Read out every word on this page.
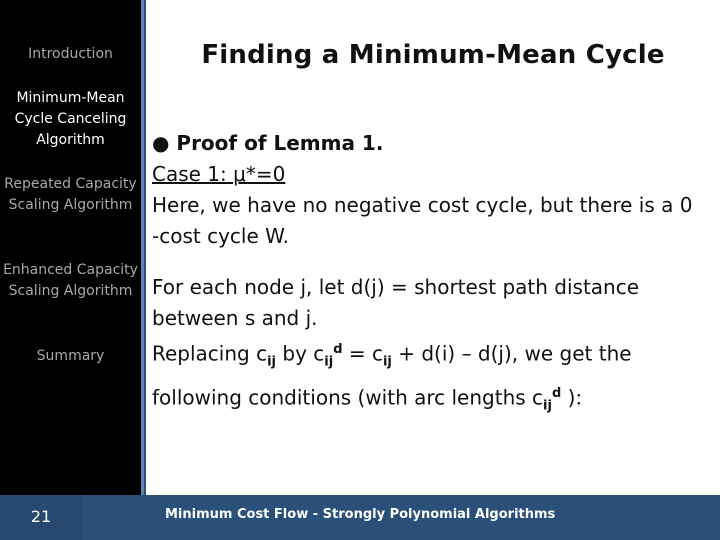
Introduction
Minimum-Mean Cycle Canceling Algorithm
Repeated Capacity Scaling Algorithm
Enhanced Capacity Scaling Algorithm
Summary
Finding a Minimum-Mean Cycle

● Proof of Lemma 1.

Case 1: μ*=0

Here, we have no negative cost cycle, but there is a 0

-cost cycle W.

For each node j, let d(j) = shortest path distance

between s and j.

Replacing $c_{ij}$ by $c_{ij}^d = c_{ij} + d(i) - d(j)$, we get the

following conditions (with arc lengths $c_{ij}^d$ ):

21	Minimum Cost Flow - Strongly Polynomial Algorithms
